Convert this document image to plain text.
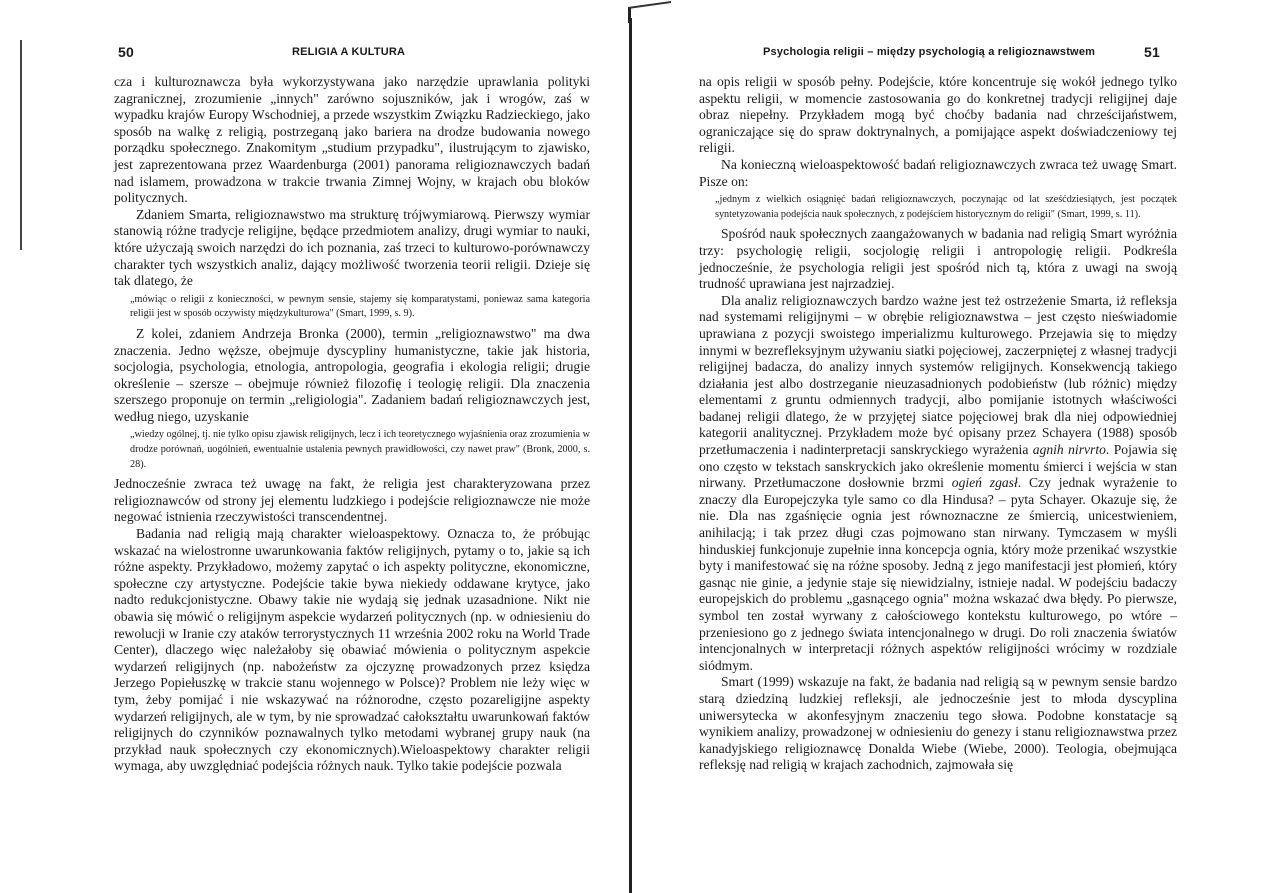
50	RELIGIA A KULTURA

cza i kulturoznawcza była wykorzystywana jako narzędzie uprawlania polityki zagranicznej, zrozumienie „innych" zarówno sojuszników, jak i wrogów, zaś w wypadku krajów Europy Wschodniej, a przede wszystkim Związku Radzieckiego, jako sposób na walkę z religią, postrzeganą jako bariera na drodze budowania nowego porządku społecznego. Znakomitym „studium przypadku", ilustrującym to zjawisko, jest zaprezentowana przez Waardenburga (2001) panorama religioznawczych badań nad islamem, prowadzona w trakcie trwania Zimnej Wojny, w krajach obu bloków politycznych.

Zdaniem Smarta, religioznawstwo ma strukturę trójwymiarową. Pierwszy wymiar stanowią różne tradycje religijne, będące przedmiotem analizy, drugi wymiar to nauki, które użyczają swoich narzędzi do ich poznania, zaś trzeci to kulturowo-porównawczy charakter tych wszystkich analiz, dający możliwość tworzenia teorii religii. Dzieje się tak dlatego, że

„mówiąc o religii z konieczności, w pewnym sensie, stajemy się komparatystami, poniewaz sama kategoria religii jest w sposób oczywisty międzykulturowa" (Smart, 1999, s. 9).

Z kolei, zdaniem Andrzeja Bronka (2000), termin „religioznawstwo" ma dwa znaczenia. Jedno węższe, obejmuje dyscypliny humanistyczne, takie jak historia, socjologia, psychologia, etnologia, antropologia, geografia i ekologia religii; drugie określenie – szersze – obejmuje również filozofię i teologię religii. Dla znaczenia szerszego proponuje on termin „religiologia". Zadaniem badań religioznawczych jest, według niego, uzyskanie

„wiedzy ogólnej, tj. nie tylko opisu zjawisk religijnych, lecz i ich teoretycznego wyjaśnienia oraz zrozumienia w drodze porównań, uogólnień, ewentualnie ustalenia pewnych prawidłowości, czy nawet praw" (Bronk, 2000, s. 28).

Jednocześnie zwraca też uwagę na fakt, że religia jest charakteryzowana przez religioznawców od strony jej elementu ludzkiego i podejście religioznawcze nie może negować istnienia rzeczywistości transcendentnej.

Badania nad religią mają charakter wieloaspektowy. Oznacza to, że próbując wskazać na wielostronne uwarunkowania faktów religijnych, pytamy o to, jakie są ich różne aspekty. Przykładowo, możemy zapytać o ich aspekty polityczne, ekonomiczne, społeczne czy artystyczne. Podejście takie bywa niekiedy oddawane krytyce, jako nadto redukcjonistyczne. Obawy takie nie wydają się jednak uzasadnione. Nikt nie obawia się mówić o religijnym aspekcie wydarzeń politycznych (np. w odniesieniu do rewolucji w Iranie czy ataków terrorystycznych 11 września 2002 roku na World Trade Center), dlaczego więc należałoby się obawiać mówienia o politycznym aspekcie wydarzeń religijnych (np. nabożeństw za ojczyznę prowadzonych przez księdza Jerzego Popiełuszkę w trakcie stanu wojennego w Polsce)? Problem nie leży więc w tym, żeby pomijać i nie wskazywać na różnorodne, często pozareligijne aspekty wydarzeń religijnych, ale w tym, by nie sprowadzać całokształtu uwarunkowań faktów religijnych do czynników poznawalnych tylko metodami wybranej grupy nauk (na przykład nauk społecznych czy ekonomicznych).Wieloaspektowy charakter religii wymaga, aby uwzględniać podejścia różnych nauk. Tylko takie podejście pozwala

Psychologia religii – między psychologią a religioznawstwem	51

na opis religii w sposób pełny. Podejście, które koncentruje się wokół jednego tylko aspektu religii, w momencie zastosowania go do konkretnej tradycji religijnej daje obraz niepełny. Przykładem mogą być choćby badania nad chrześcijaństwem, ograniczające się do spraw doktrynalnych, a pomijające aspekt doświadczeniowy tej religii.

Na konieczną wieloaspektowość badań religioznawczych zwraca też uwagę Smart. Pisze on:

„jednym z wielkich osiągnięć badań religioznawczych, poczynając od lat sześćdziesiątych, jest początek syntetyzowania podejścia nauk społecznych, z podejściem historycznym do religii" (Smart, 1999, s. 11).

Spośród nauk społecznych zaangażowanych w badania nad religią Smart wyróżnia trzy: psychologię religii, socjologię religii i antropologię religii. Podkreśla jednocześnie, że psychologia religii jest spośród nich tą, która z uwagi na swoją trudność uprawiana jest najrzadziej.

Dla analiz religioznawczych bardzo ważne jest też ostrzeżenie Smarta, iż refleksja nad systemami religijnymi – w obrębie religioznawstwa – jest często nieświadomie uprawiana z pozycji swoistego imperializmu kulturowego. Przejawia się to między innymi w bezrefleksyjnym używaniu siatki pojęciowej, zaczerpniętej z własnej tradycji religijnej badacza, do analizy innych systemów religijnych. Konsekwencją takiego działania jest albo dostrzeganie nieuzasadnionych podobieństw (lub różnic) między elementami z gruntu odmiennych tradycji, albo pomijanie istotnych właściwości badanej religii dlatego, że w przyjętej siatce pojęciowej brak dla niej odpowiedniej kategorii analitycznej. Przykładem może być opisany przez Schayera (1988) sposób przetłumaczenia i nadinterpretacji sanskryckiego wyrażenia agnih nirvrto. Pojawia się ono często w tekstach sanskryckich jako określenie momentu śmierci i wejścia w stan nirwany. Przetłumaczone dosłownie brzmi ogień zgasł. Czy jednak wyrażenie to znaczy dla Europejczyka tyle samo co dla Hindusa? – pyta Schayer. Okazuje się, że nie. Dla nas zgaśnięcie ognia jest równoznaczne ze śmiercią, unicestwieniem, anihilacją; i tak przez długi czas pojmowano stan nirwany. Tymczasem w myśli hinduskiej funkcjonuje zupełnie inna koncepcja ognia, który może przenikać wszystkie byty i manifestować się na różne sposoby. Jedną z jego manifestacji jest płomień, który gasnąc nie ginie, a jedynie staje się niewidzialny, istnieje nadal. W podejściu badaczy europejskich do problemu „gasnącego ognia" można wskazać dwa błędy. Po pierwsze, symbol ten został wyrwany z całościowego kontekstu kulturowego, po wtóre – przeniesiono go z jednego świata intencjonalnego w drugi. Do roli znaczenia światów intencjonalnych w interpretacji różnych aspektów religijności wrócimy w rozdziale siódmym.

Smart (1999) wskazuje na fakt, że badania nad religią są w pewnym sensie bardzo starą dziedziną ludzkiej refleksji, ale jednocześnie jest to młoda dyscyplina uniwersytecka w akonfesyjnym znaczeniu tego słowa. Podobne konstatacje są wynikiem analizy, prowadzonej w odniesieniu do genezy i stanu religioznawstwa przez kanadyjskiego religioznawcę Donalda Wiebe (Wiebe, 2000). Teologia, obejmująca refleksję nad religią w krajach zachodnich, zajmowała się
